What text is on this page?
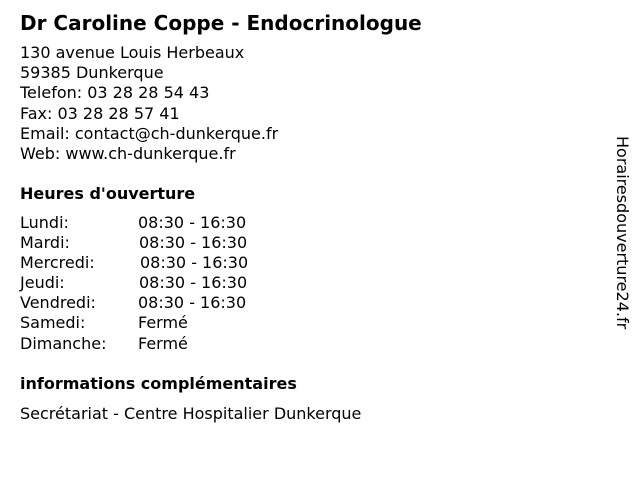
Dr Caroline Coppe - Endocrinologue
130 avenue Louis Herbeaux
59385 Dunkerque
Telefon: 03 28 28 54 43
Fax: 03 28 28 57 41
Email: contact@ch-dunkerque.fr
Web: www.ch-dunkerque.fr
Heures d'ouverture
Lundi:	08:30 - 16:30
Mardi:	08:30 - 16:30
Mercredi:	08:30 - 16:30
Jeudi:	08:30 - 16:30
Vendredi:	08:30 - 16:30
Samedi:	Fermé
Dimanche: Fermé
informations complémentaires
Secrétariat - Centre Hospitalier Dunkerque
Horairesdouverture24.fr
